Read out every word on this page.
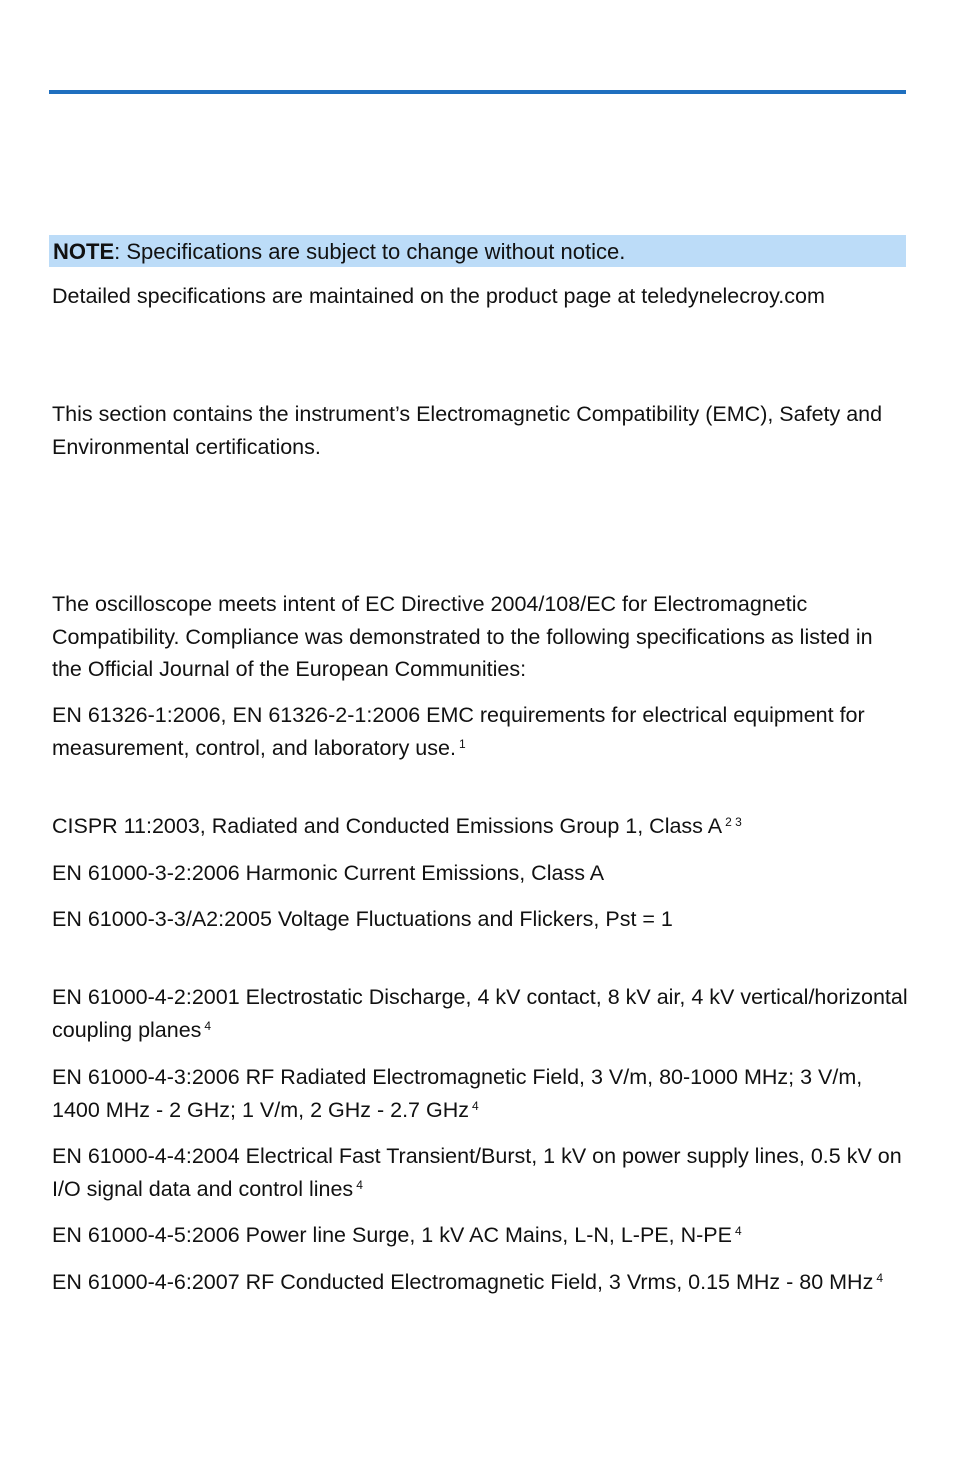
NOTE: Specifications are subject to change without notice.

Detailed specifications are maintained on the product page at teledynelecroy.com

This section contains the instrument’s Electromagnetic Compatibility (EMC), Safety and Environmental certifications.

The oscilloscope meets intent of EC Directive 2004/108/EC for Electromagnetic Compatibility. Compliance was demonstrated to the following specifications as listed in the Official Journal of the European Communities:

EN 61326-1:2006, EN 61326-2-1:2006 EMC requirements for electrical equipment for measurement, control, and laboratory use. $^1$

CISPR 11:2003, Radiated and Conducted Emissions Group 1, Class A $^{2 3}$

EN 61000-3-2:2006 Harmonic Current Emissions, Class A

EN 61000-3-3/A2:2005 Voltage Fluctuations and Flickers, Pst = 1

EN 61000-4-2:2001 Electrostatic Discharge, 4 kV contact, 8 kV air, 4 kV vertical/horizontal coupling planes $^4$

EN 61000-4-3:2006 RF Radiated Electromagnetic Field, 3 V/m, 80-1000 MHz; 3 V/m, 1400 MHz - 2 GHz; 1 V/m, 2 GHz - 2.7 GHz $^4$

EN 61000-4-4:2004 Electrical Fast Transient/Burst, 1 kV on power supply lines, 0.5 kV on I/O signal data and control lines $^4$

EN 61000-4-5:2006 Power line Surge, 1 kV AC Mains, L-N, L-PE, N-PE $^4$

EN 61000-4-6:2007 RF Conducted Electromagnetic Field, 3 Vrms, 0.15 MHz - 80 MHz $^4$
